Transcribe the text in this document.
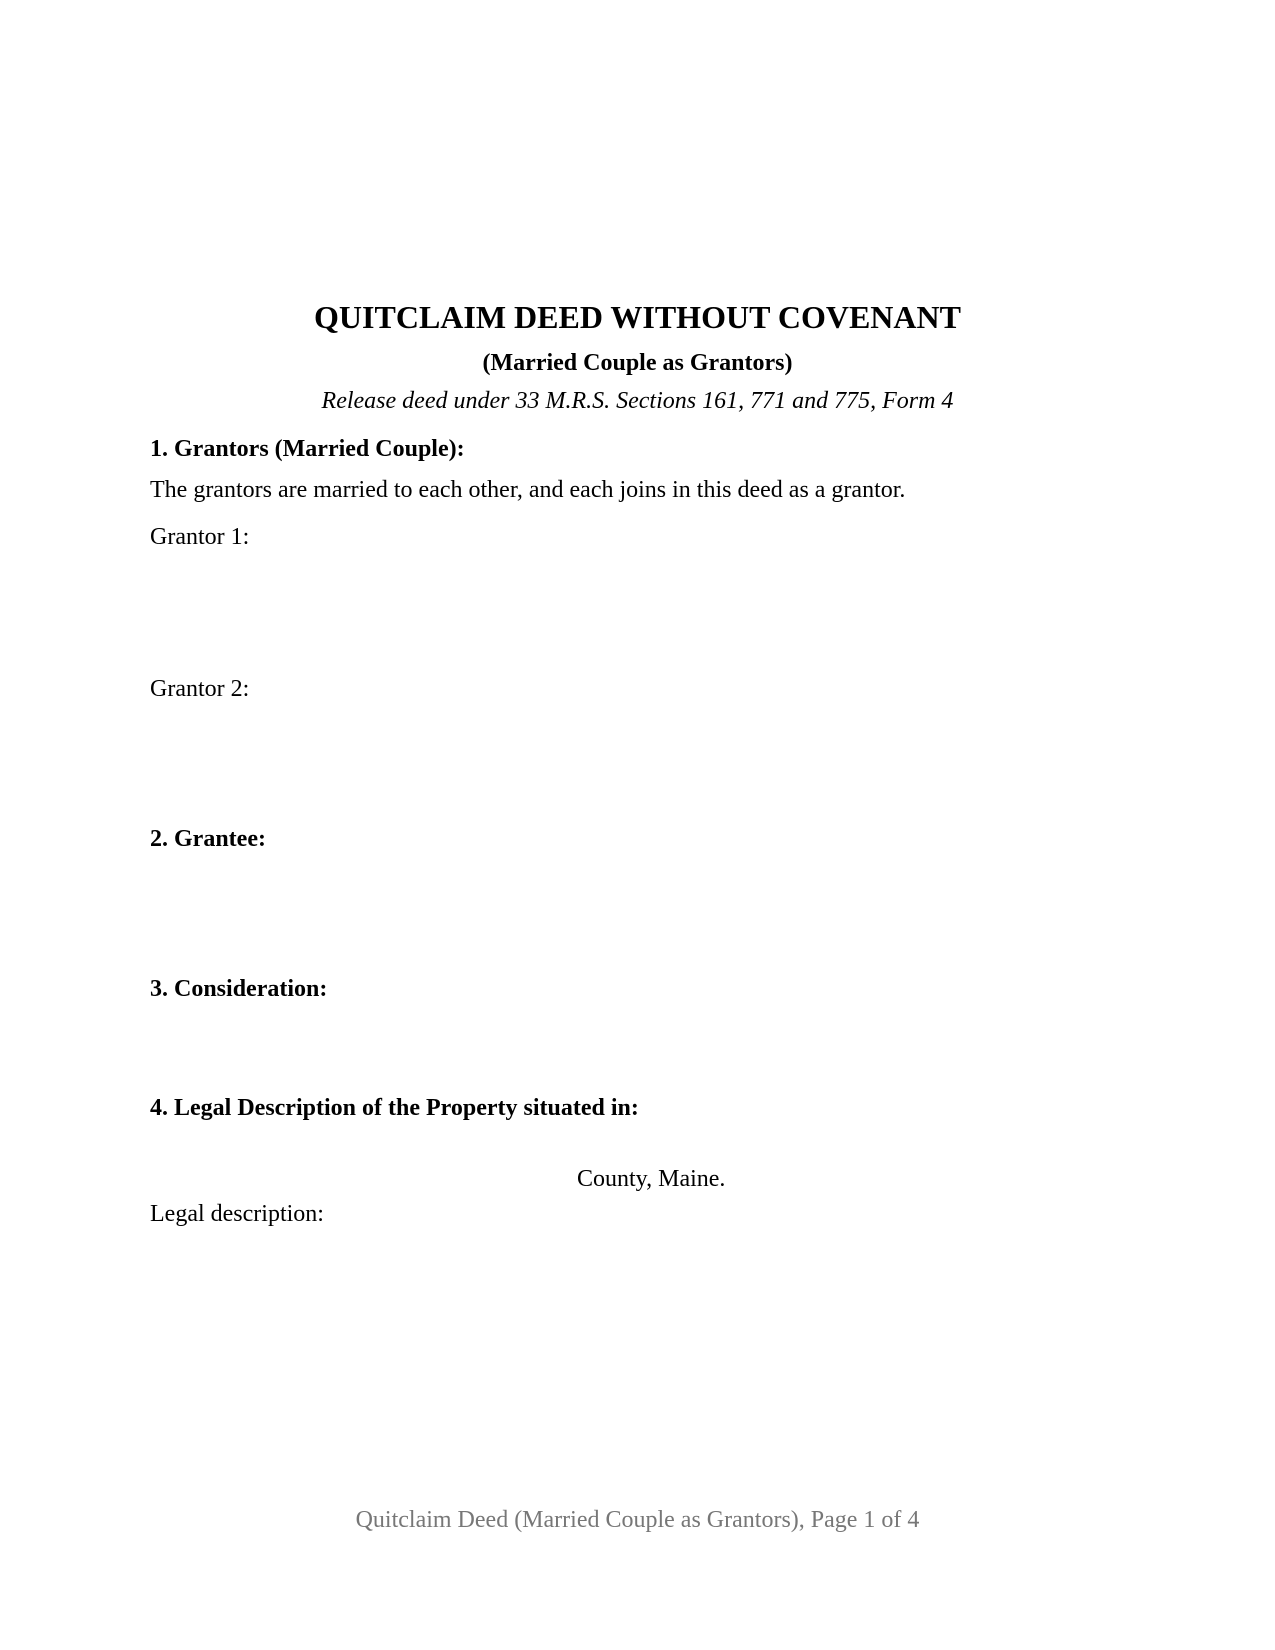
QUITCLAIM DEED WITHOUT COVENANT
(Married Couple as Grantors)
Release deed under 33 M.R.S. Sections 161, 771 and 775, Form 4
1. Grantors (Married Couple):
The grantors are married to each other, and each joins in this deed as a grantor.
Grantor 1:
Grantor 2:
2. Grantee:
3. Consideration:
4. Legal Description of the Property situated in:
County, Maine.
Legal description:
Quitclaim Deed (Married Couple as Grantors), Page 1 of 4
